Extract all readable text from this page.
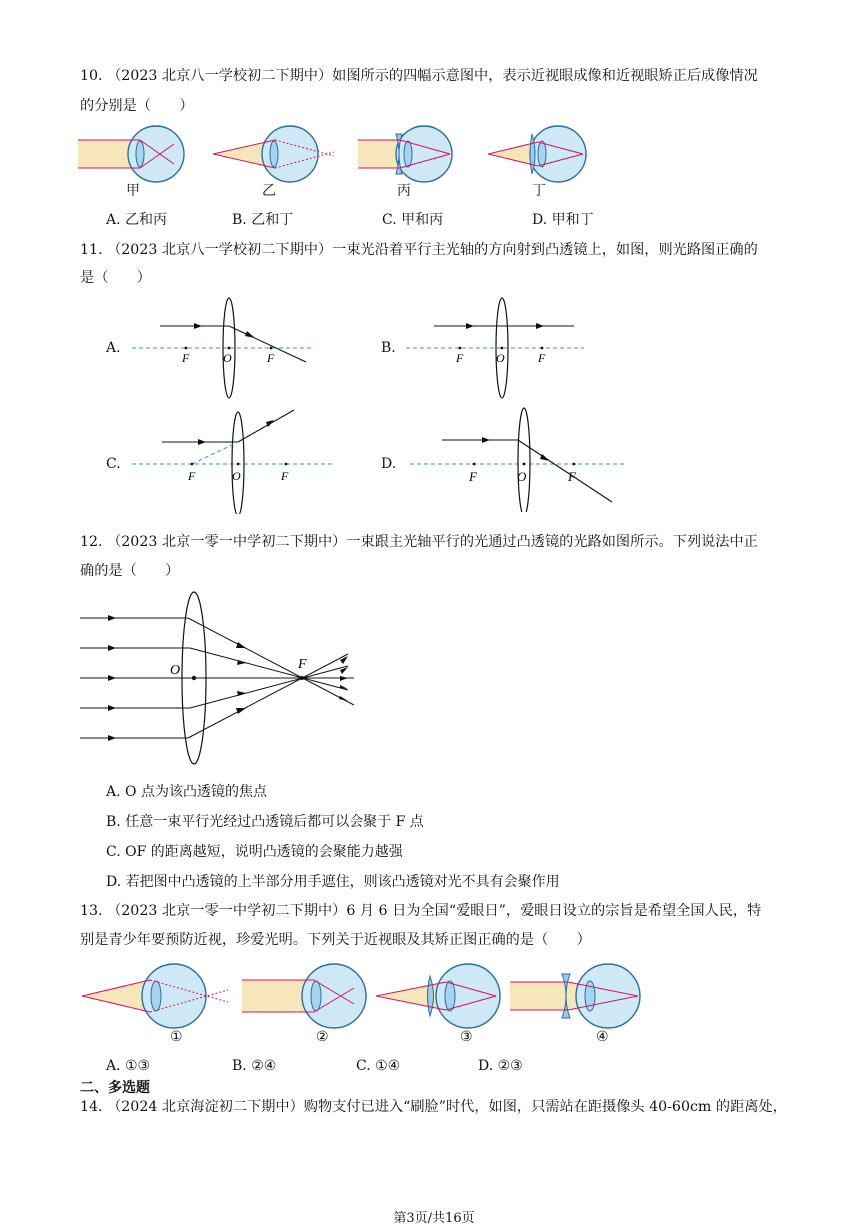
10. （2023 北京八一学校初二下期中）如图所示的四幅示意图中，表示近视眼成像和近视眼矫正后成像情况
的分别是（　　）
甲	乙	丙	丁
A. 乙和丙	B. 乙和丁	C. 甲和丙	D. 甲和丁
11. （2023 北京八一学校初二下期中）一束光沿着平行主光轴的方向射到凸透镜上，如图，则光路图正确的
是（　　）
A.	B.
C.	D.
F	O	F	F	O	F
F	O	F	F	O	F
12. （2023 北京一零一中学初二下期中）一束跟主光轴平行的光通过凸透镜的光路如图所示。下列说法中正
确的是（　　）
O	F
A. O 点为该凸透镜的焦点
B. 任意一束平行光经过凸透镜后都可以会聚于 F 点
C. OF 的距离越短，说明凸透镜的会聚能力越强
D. 若把图中凸透镜的上半部分用手遮住，则该凸透镜对光不具有会聚作用
13. （2023 北京一零一中学初二下期中）6 月 6 日为全国“爱眼日”，爱眼日设立的宗旨是希望全国人民，特
别是青少年要预防近视，珍爱光明。下列关于近视眼及其矫正图正确的是（　　）
①	②	③	④
A. ①③	B. ②④	C. ①④	D. ②③
二、多选题
14. （2024 北京海淀初二下期中）购物支付已进入“刷脸”时代，如图，只需站在距摄像头 40-60cm 的距离处，
第3页/共16页
